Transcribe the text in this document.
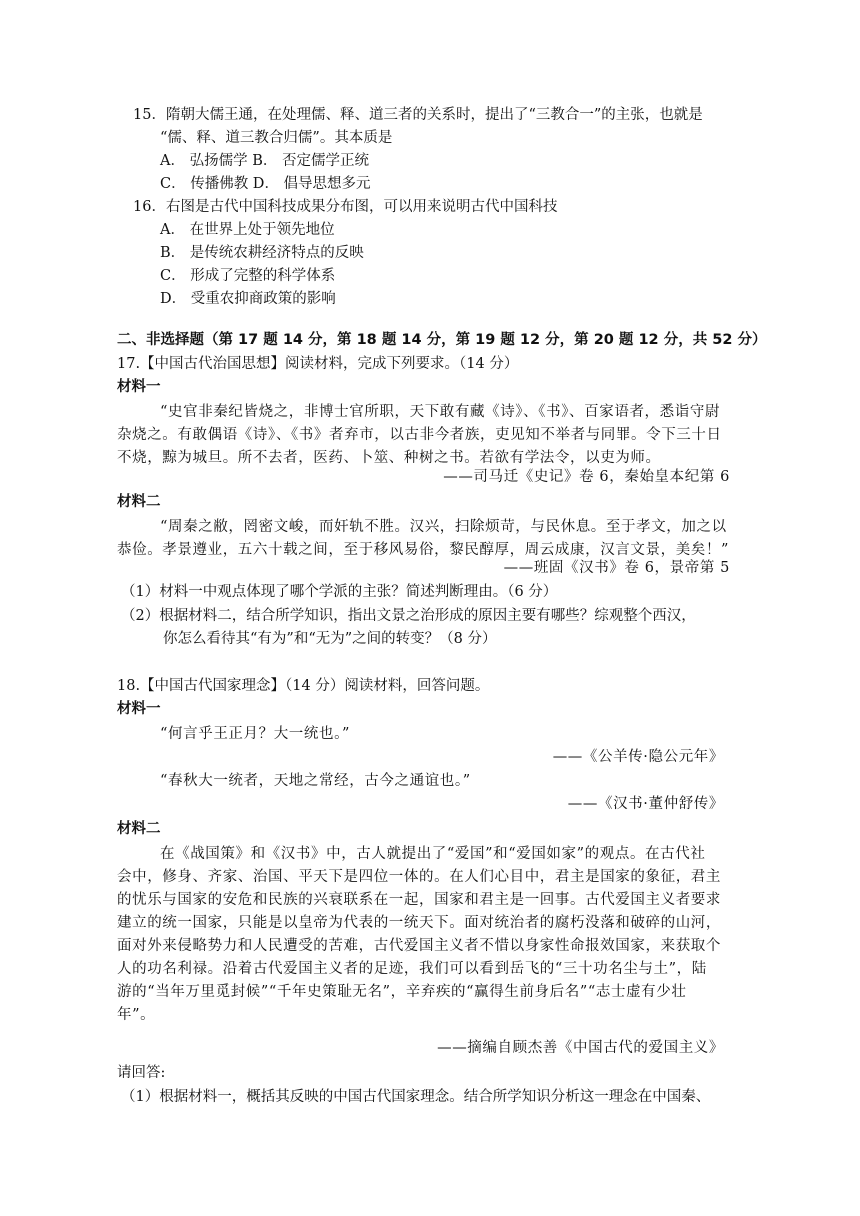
15．隋朝大儒王通，在处理儒、释、道三者的关系时，提出了“三教合一”的主张，也就是
“儒、释、道三教合归儒”。其本质是
A． 弘扬儒学 B． 否定儒学正统
C． 传播佛教 D． 倡导思想多元
16．右图是古代中国科技成果分布图，可以用来说明古代中国科技
A． 在世界上处于领先地位
B． 是传统农耕经济特点的反映
C． 形成了完整的科学体系
D． 受重农抑商政策的影响
二、非选择题（第 17 题 14 分，第 18 题 14 分，第 19 题 12 分，第 20 题 12 分，共 52 分）
17.【中国古代治国思想】阅读材料，完成下列要求。（14 分）
材料一
“史官非秦纪皆烧之，非博士官所职，天下敢有藏《诗》、《书》、百家语者，悉诣守尉
杂烧之。有敢偶语《诗》、《书》者弃市，以古非今者族，吏见知不举者与同罪。令下三十日
不烧，黥为城旦。所不去者，医药、卜筮、种树之书。若欲有学法令，以吏为师。
——司马迁《史记》卷 6，秦始皇本纪第 6
材料二
“周秦之敝，罔密文峻，而奸轨不胜。汉兴，扫除烦苛，与民休息。至于孝文，加之以
恭俭。孝景遵业，五六十载之间，至于移风易俗，黎民醇厚，周云成康，汉言文景，美矣！”
——班固《汉书》卷 6，景帝第 5
（1）材料一中观点体现了哪个学派的主张？简述判断理由。（6 分）
（2）根据材料二，结合所学知识，指出文景之治形成的原因主要有哪些？综观整个西汉，
你怎么看待其“有为”和“无为”之间的转变？（8 分）
18.【中国古代国家理念】（14 分）阅读材料，回答问题。
材料一
“何言乎王正月？大一统也。”
——《公羊传·隐公元年》
“春秋大一统者，天地之常经，古今之通谊也。”
——《汉书·董仲舒传》
材料二
在《战国策》和《汉书》中，古人就提出了“爱国”和“爱国如家”的观点。在古代社
会中，修身、齐家、治国、平天下是四位一体的。在人们心目中，君主是国家的象征，君主
的忧乐与国家的安危和民族的兴衰联系在一起，国家和君主是一回事。古代爱国主义者要求
建立的统一国家，只能是以皇帝为代表的一统天下。面对统治者的腐朽没落和破碎的山河，
面对外来侵略势力和人民遭受的苦难，古代爱国主义者不惜以身家性命报效国家，来获取个
人的功名利禄。沿着古代爱国主义者的足迹，我们可以看到岳飞的“三十功名尘与土”，陆
游的“当年万里觅封候”“千年史策耻无名”，辛弃疾的“赢得生前身后名”“志士虚有少壮
年”。
——摘编自顾杰善《中国古代的爱国主义》
请回答:
（1）根据材料一，概括其反映的中国古代国家理念。结合所学知识分析这一理念在中国秦、
